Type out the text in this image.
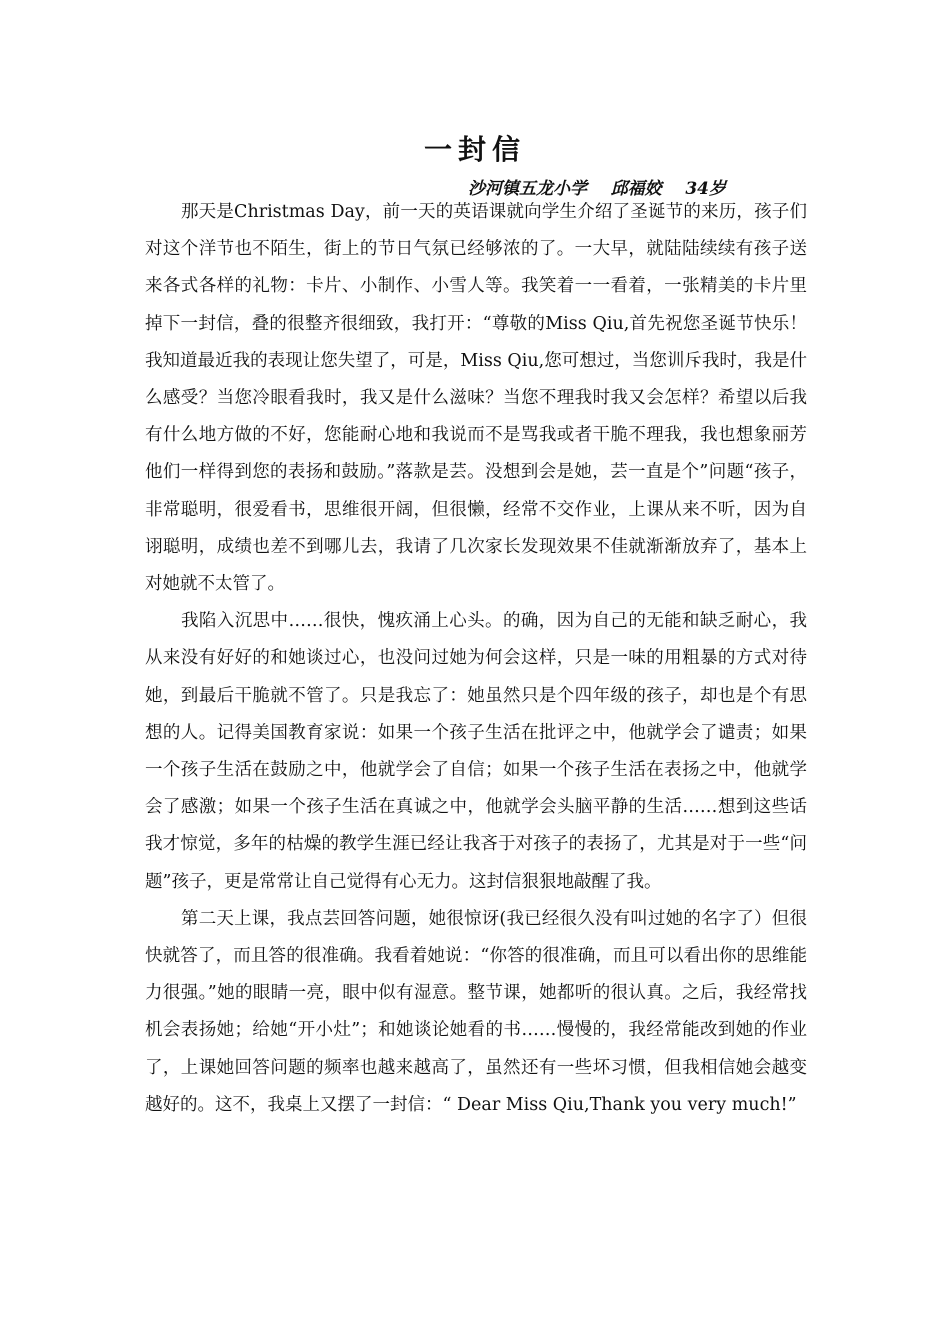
一封信
沙河镇五龙小学    邱福姣    34岁

那天是Christmas Day，前一天的英语课就向学生介绍了圣诞节的来历，孩子们对这个洋节也不陌生，街上的节日气氛已经够浓的了。一大早，就陆陆续续有孩子送来各式各样的礼物：卡片、小制作、小雪人等。我笑着一一看着，一张精美的卡片里掉下一封信，叠的很整齐很细致，我打开：“尊敬的Miss Qiu,首先祝您圣诞节快乐！我知道最近我的表现让您失望了，可是，Miss Qiu,您可想过，当您训斥我时，我是什么感受？当您冷眼看我时，我又是什么滋味？当您不理我时我又会怎样？希望以后我有什么地方做的不好，您能耐心地和我说而不是骂我或者干脆不理我，我也想象丽芳他们一样得到您的表扬和鼓励。”落款是芸。没想到会是她，芸一直是个”问题“孩子，非常聪明，很爱看书，思维很开阔，但很懒，经常不交作业，上课从来不听，因为自诩聪明，成绩也差不到哪儿去，我请了几次家长发现效果不佳就渐渐放弃了，基本上对她就不太管了。

我陷入沉思中……很快，愧疚涌上心头。的确，因为自己的无能和缺乏耐心，我从来没有好好的和她谈过心，也没问过她为何会这样，只是一味的用粗暴的方式对待她，到最后干脆就不管了。只是我忘了：她虽然只是个四年级的孩子，却也是个有思想的人。记得美国教育家说：如果一个孩子生活在批评之中，他就学会了谴责；如果一个孩子生活在鼓励之中，他就学会了自信；如果一个孩子生活在表扬之中，他就学会了感激；如果一个孩子生活在真诚之中，他就学会头脑平静的生活……想到这些话我才惊觉，多年的枯燥的教学生涯已经让我吝于对孩子的表扬了，尤其是对于一些“问题”孩子，更是常常让自己觉得有心无力。这封信狠狠地敲醒了我。

第二天上课，我点芸回答问题，她很惊讶(我已经很久没有叫过她的名字了）但很快就答了，而且答的很准确。我看着她说：“你答的很准确，而且可以看出你的思维能力很强。”她的眼睛一亮，眼中似有湿意。整节课，她都听的很认真。之后，我经常找机会表扬她；给她“开小灶”；和她谈论她看的书……慢慢的，我经常能改到她的作业了，上课她回答问题的频率也越来越高了，虽然还有一些坏习惯，但我相信她会越变越好的。这不，我桌上又摆了一封信：“ Dear Miss Qiu,Thank you very much!”
